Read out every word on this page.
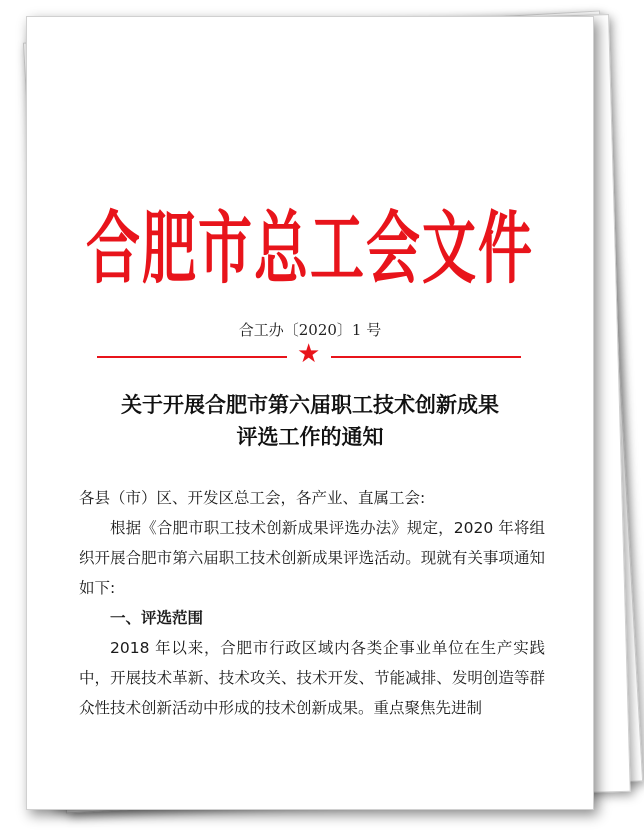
合肥市总工会文件
合工办〔2020〕1 号
★
关于开展合肥市第六届职工技术创新成果
评选工作的通知

各县（市）区、开发区总工会，各产业、直属工会:

根据《合肥市职工技术创新成果评选办法》规定，2020 年将组织开展合肥市第六届职工技术创新成果评选活动。现就有关事项通知如下:

一、评选范围

2018 年以来，合肥市行政区域内各类企事业单位在生产实践中，开展技术革新、技术攻关、技术开发、节能减排、发明创造等群众性技术创新活动中形成的技术创新成果。重点聚焦先进制
